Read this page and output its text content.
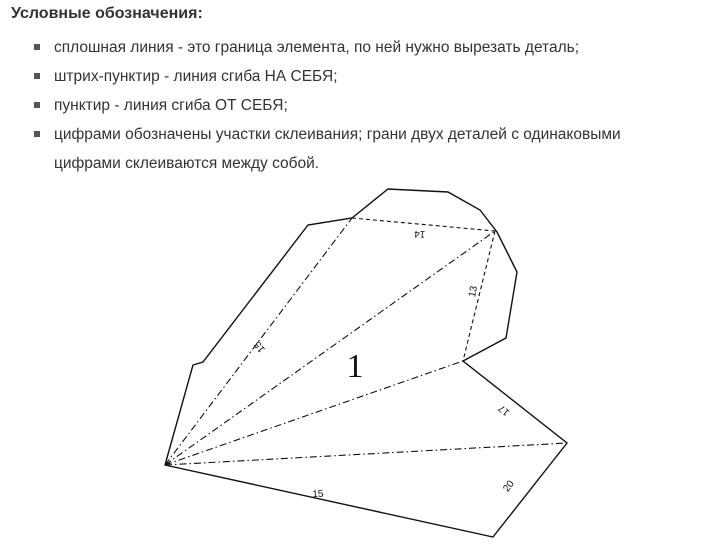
Условные обозначения:
сплошная линия - это граница элемента, по ней нужно вырезать деталь;
штрих-пунктир - линия сгиба НА СЕБЯ;
пунктир - линия сгиба ОТ СЕБЯ;
цифрами обозначены участки склеивания; грани двух деталей с одинаковыми цифрами склеиваются между собой.
14
13
15
17
20
15
1
